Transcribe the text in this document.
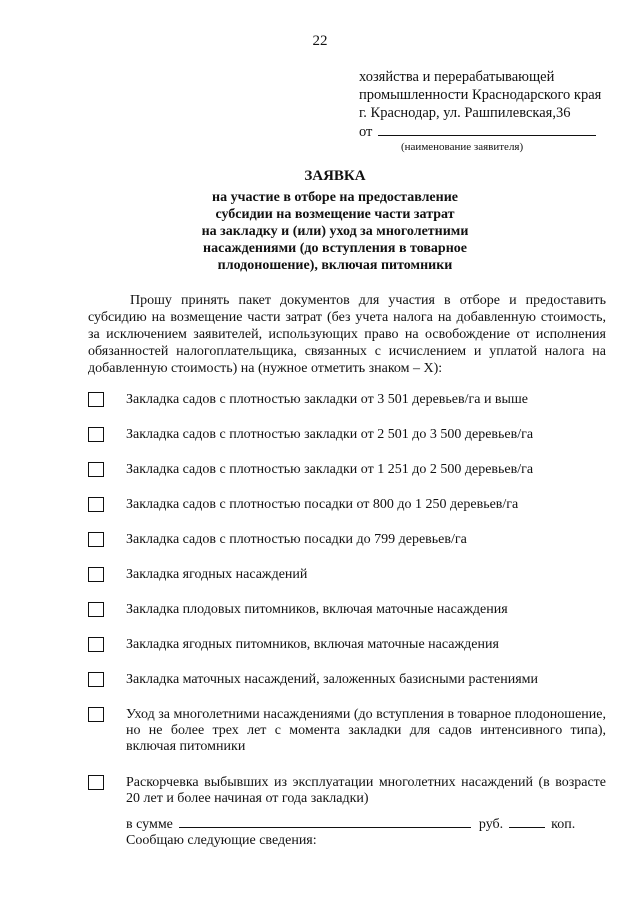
22
хозяйства и перерабатывающей
промышленности Краснодарского края
г. Краснодар, ул. Рашпилевская,36
от
(наименование заявителя)
ЗАЯВКА
на участие в отборе на предоставление
субсидии на возмещение части затрат
на закладку и (или) уход за многолетними
насаждениями (до вступления в товарное
плодоношение), включая питомники
Прошу принять пакет документов для участия в отборе и предоставить субсидию на возмещение части затрат (без учета налога на добавленную стоимость, за исключением заявителей, использующих право на освобождение от исполнения обязанностей налогоплательщика, связанных с исчислением и уплатой налога на добавленную стоимость) на (нужное отметить знаком – Х):
Закладка садов с плотностью закладки от 3 501 деревьев/га и выше
Закладка садов с плотностью закладки от 2 501 до 3 500 деревьев/га
Закладка садов с плотностью закладки от 1 251 до 2 500 деревьев/га
Закладка садов с плотностью посадки от 800 до 1 250 деревьев/га
Закладка садов с плотностью посадки до 799 деревьев/га
Закладка ягодных насаждений
Закладка плодовых питомников, включая маточные насаждения
Закладка ягодных питомников, включая маточные насаждения
Закладка маточных насаждений, заложенных базисными растениями
Уход за многолетними насаждениями (до вступления в товарное плодоношение, но не более трех лет с момента закладки для садов интенсивного типа), включая питомники
Раскорчевка выбывших из эксплуатации многолетних насаждений (в возрасте 20 лет и более начиная от года закладки)
в сумме	руб.	коп.
Сообщаю следующие сведения:
